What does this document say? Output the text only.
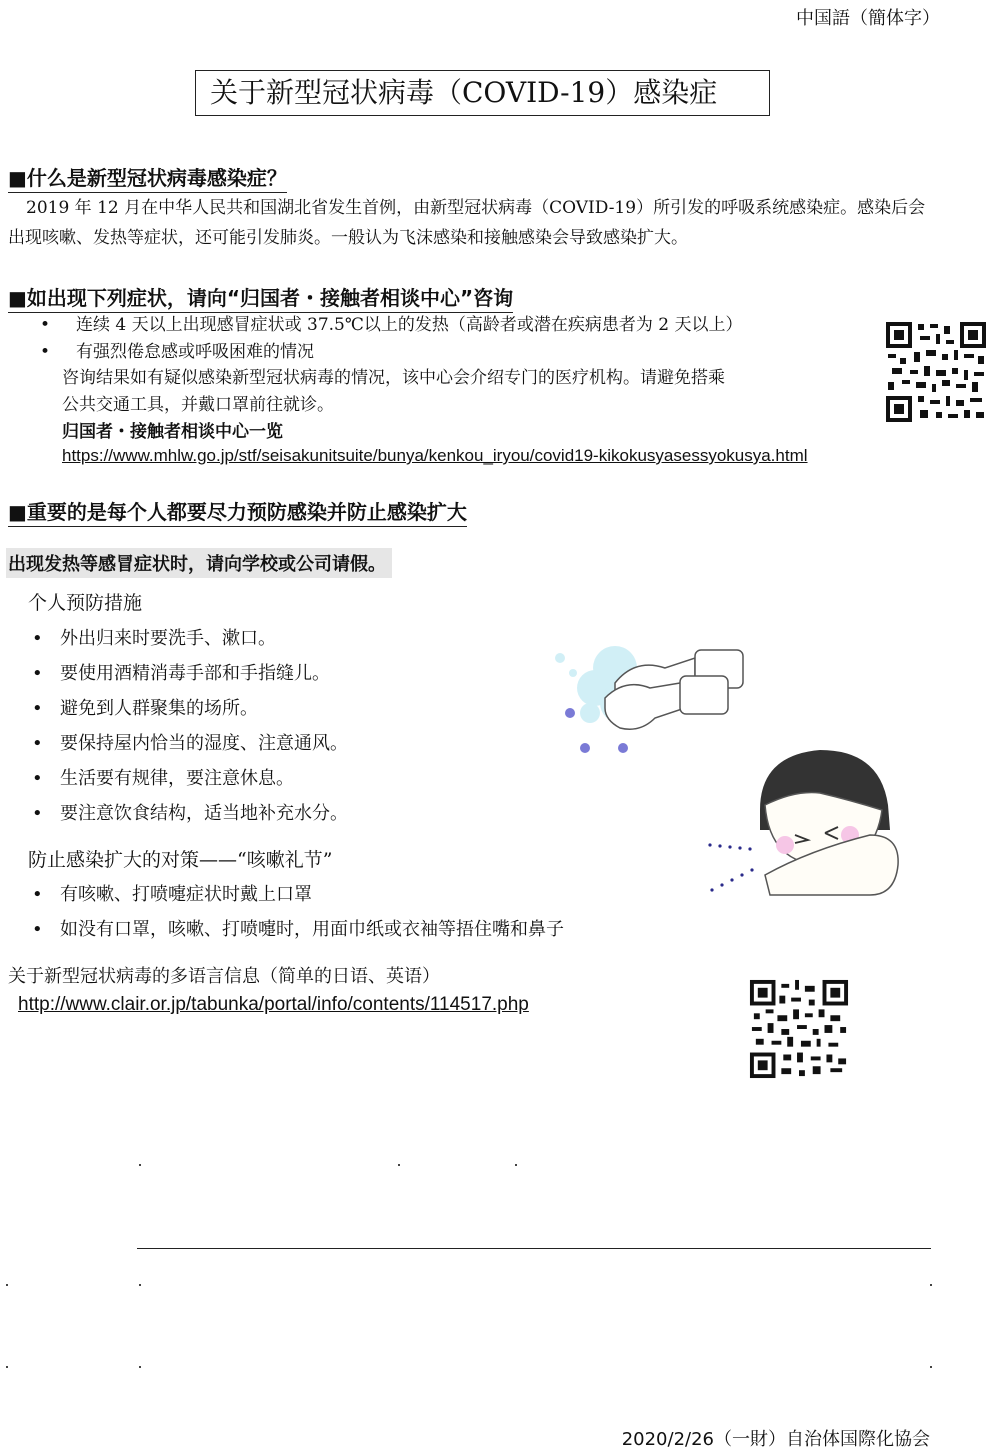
中国語（簡体字）
关于新型冠状病毒（COVID-19）感染症
■什么是新型冠状病毒感染症？
2019 年 12 月在中华人民共和国湖北省发生首例，由新型冠状病毒（COVID-19）所引发的呼吸系统感染症。感染后会出现咳嗽、发热等症状，还可能引发肺炎。一般认为飞沫感染和接触感染会导致感染扩大。
■如出现下列症状，请向“归国者・接触者相谈中心”咨询
• 连续 4 天以上出现感冒症状或 37.5℃以上的发热（高龄者或潜在疾病患者为 2 天以上）
• 有强烈倦怠感或呼吸困难的情况
咨询结果如有疑似感染新型冠状病毒的情况，该中心会介绍专门的医疗机构。请避免搭乘
公共交通工具，并戴口罩前往就诊。
归国者・接触者相谈中心一览
https://www.mhlw.go.jp/stf/seisakunitsuite/bunya/kenkou_iryou/covid19-kikokusyasessyokusya.html
■重要的是每个人都要尽力预防感染并防止感染扩大
出现发热等感冒症状时，请向学校或公司请假。
个人预防措施
• 外出归来时要洗手、漱口。
• 要使用酒精消毒手部和手指缝儿。
• 避免到人群聚集的场所。
• 要保持屋内恰当的湿度、注意通风。
• 生活要有规律，要注意休息。
• 要注意饮食结构，适当地补充水分。
防止感染扩大的对策——“咳嗽礼节”
• 有咳嗽、打喷嚏症状时戴上口罩
• 如没有口罩，咳嗽、打喷嚏时，用面巾纸或衣袖等捂住嘴和鼻子
关于新型冠状病毒的多语言信息（简单的日语、英语）
http://www.clair.or.jp/tabunka/portal/info/contents/114517.php
2020/2/26（一財）自治体国際化協会
